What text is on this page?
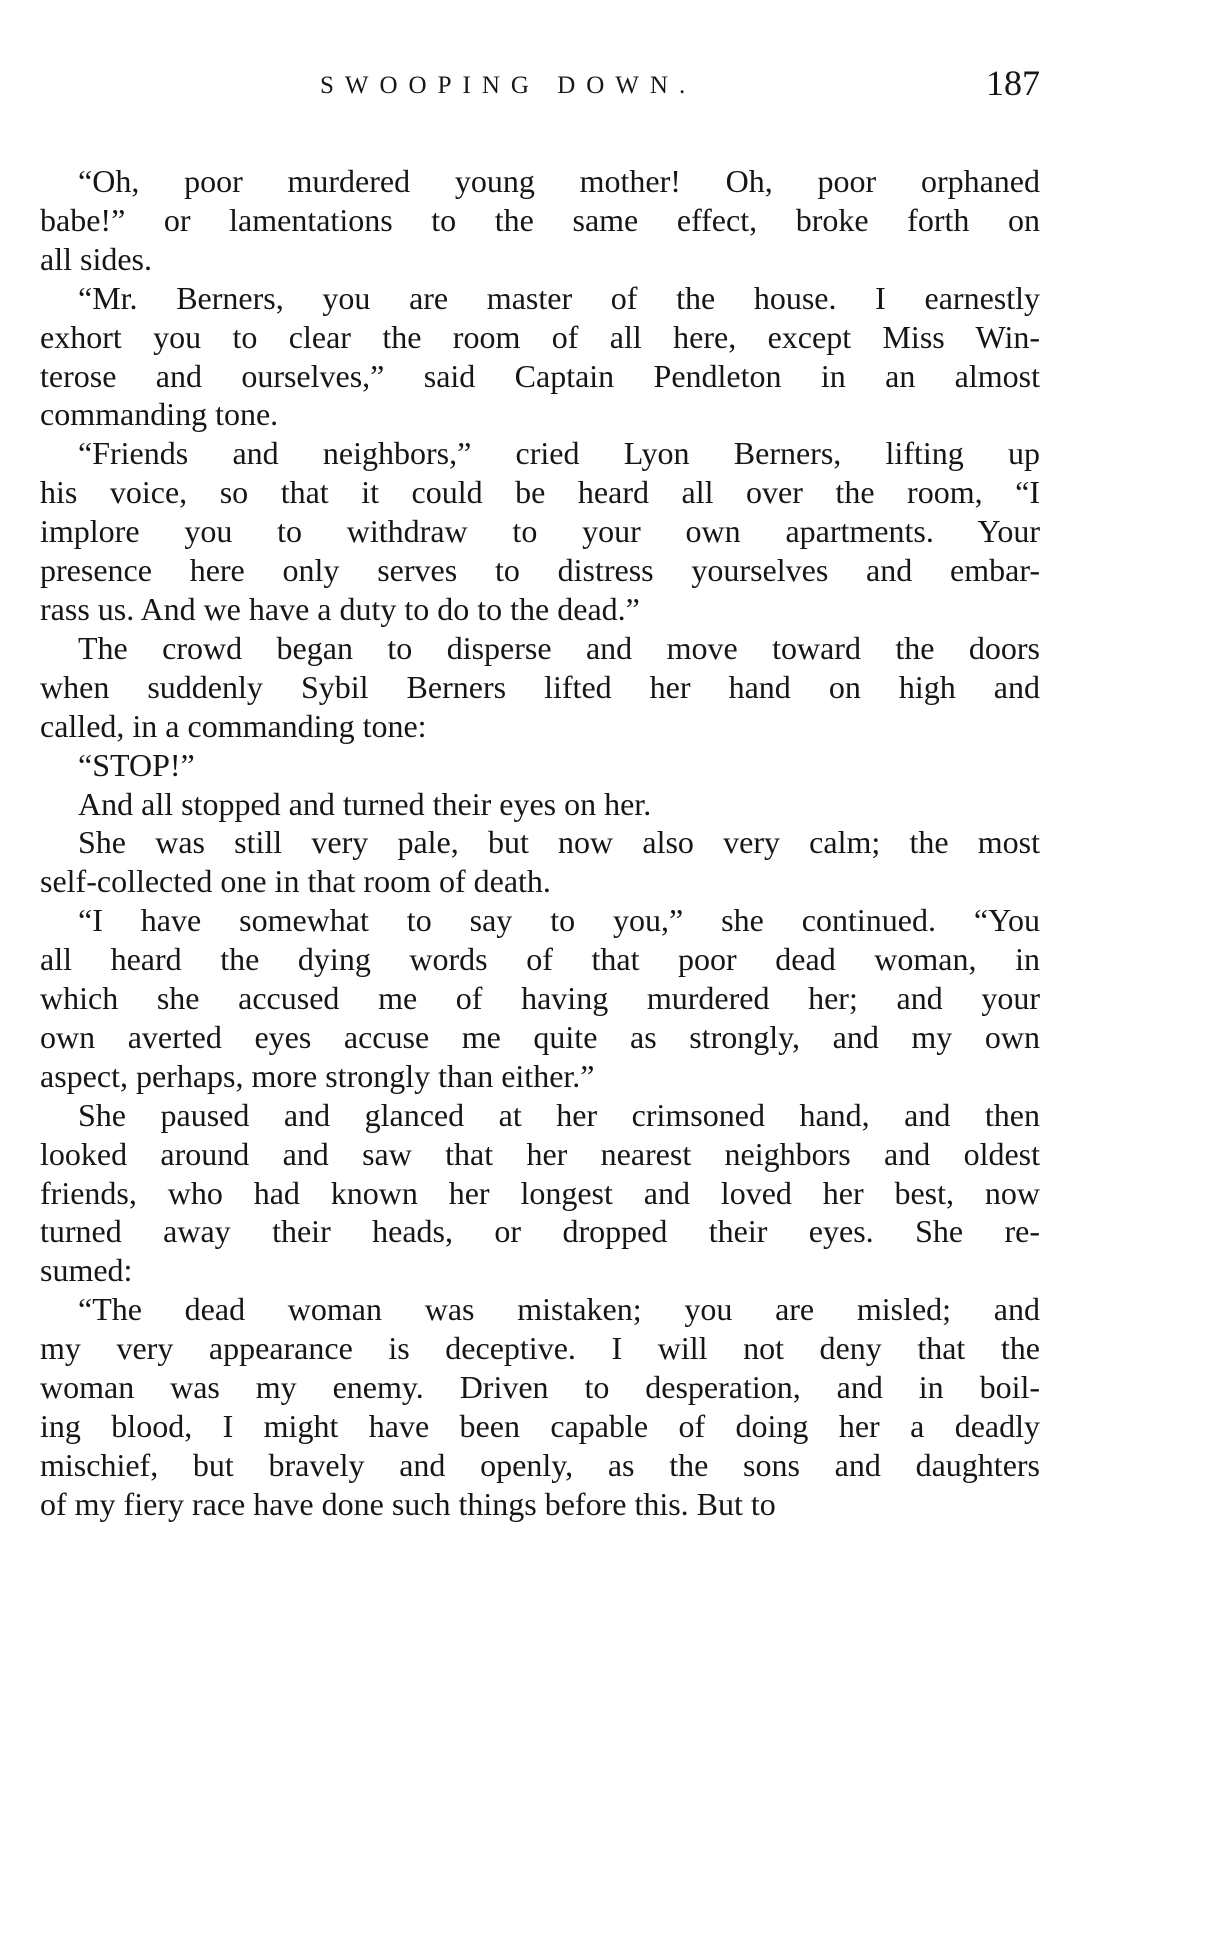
SWOOPING DOWN.	187

“Oh, poor murdered young mother! Oh, poor orphaned
babe!” or lamentations to the same effect, broke forth on
all sides.

“Mr. Berners, you are master of the house. I earnestly
exhort you to clear the room of all here, except Miss Win-
terose and ourselves,” said Captain Pendleton in an almost
commanding tone.

“Friends and neighbors,” cried Lyon Berners, lifting up
his voice, so that it could be heard all over the room, “I
implore you to withdraw to your own apartments. Your
presence here only serves to distress yourselves and embar-
rass us. And we have a duty to do to the dead.”

The crowd began to disperse and move toward the doors
when suddenly Sybil Berners lifted her hand on high and
called, in a commanding tone:

“STOP!”

And all stopped and turned their eyes on her.

She was still very pale, but now also very calm; the most
self-collected one in that room of death.

“I have somewhat to say to you,” she continued. “You
all heard the dying words of that poor dead woman, in
which she accused me of having murdered her; and your
own averted eyes accuse me quite as strongly, and my own
aspect, perhaps, more strongly than either.”

She paused and glanced at her crimsoned hand, and then
looked around and saw that her nearest neighbors and oldest
friends, who had known her longest and loved her best, now
turned away their heads, or dropped their eyes. She re-
sumed:

“The dead woman was mistaken; you are misled; and
my very appearance is deceptive. I will not deny that the
woman was my enemy. Driven to desperation, and in boil-
ing blood, I might have been capable of doing her a deadly
mischief, but bravely and openly, as the sons and daughters
of my fiery race have done such things before this. But to
